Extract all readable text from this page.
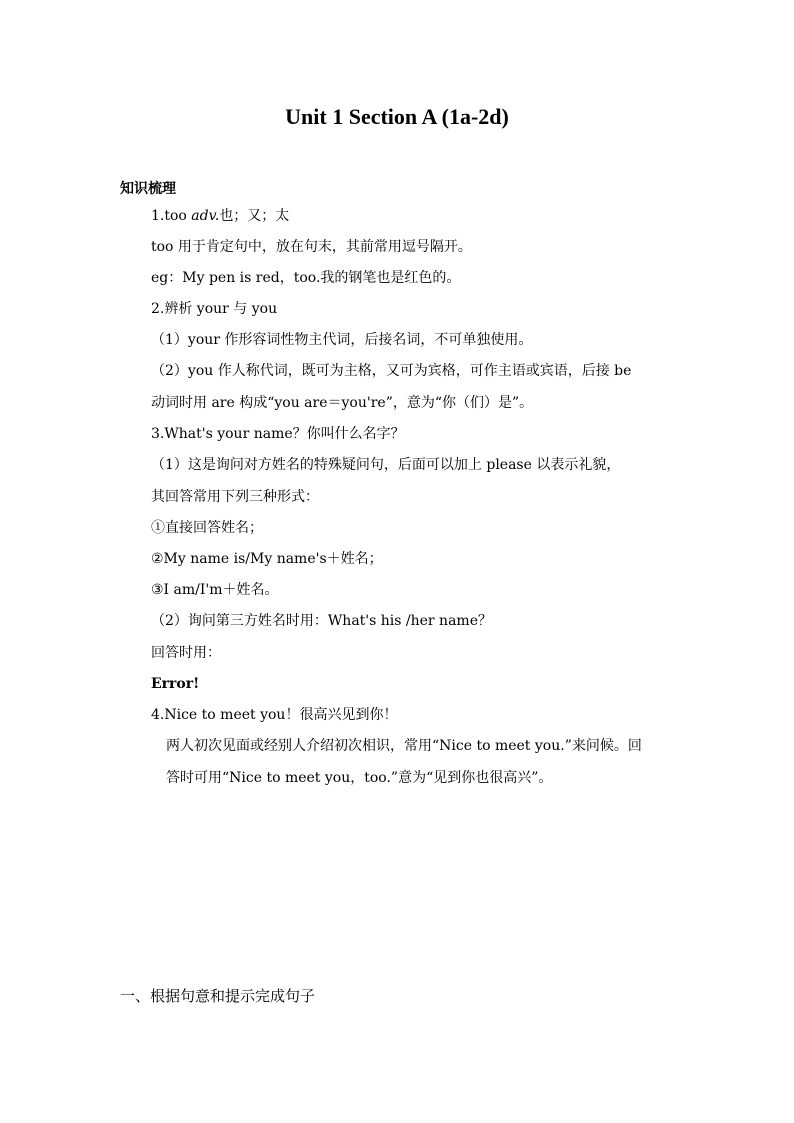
Unit 1 Section A (1a-2d)
知识梳理
1.too adv.也；又；太
too 用于肯定句中，放在句末，其前常用逗号隔开。
eg：My pen is red，too.我的钢笔也是红色的。
2.辨析 your 与 you
（1）your 作形容词性物主代词，后接名词，不可单独使用。
（2）you 作人称代词，既可为主格，又可为宾格，可作主语或宾语，后接 be
动词时用 are 构成“you are＝you're”，意为“你（们）是”。
3.What's your name？你叫什么名字？
（1）这是询问对方姓名的特殊疑问句，后面可以加上 please 以表示礼貌，
其回答常用下列三种形式：
①直接回答姓名；
②My name is/My name's＋姓名；
③I am/I'm＋姓名。
（2）询问第三方姓名时用：What's his /her name？
回答时用：
Error!
4.Nice to meet you！很高兴见到你！
两人初次见面或经别人介绍初次相识，常用“Nice to meet you.”来问候。回
答时可用“Nice to meet you，too.”意为“见到你也很高兴”。
一、根据句意和提示完成句子
